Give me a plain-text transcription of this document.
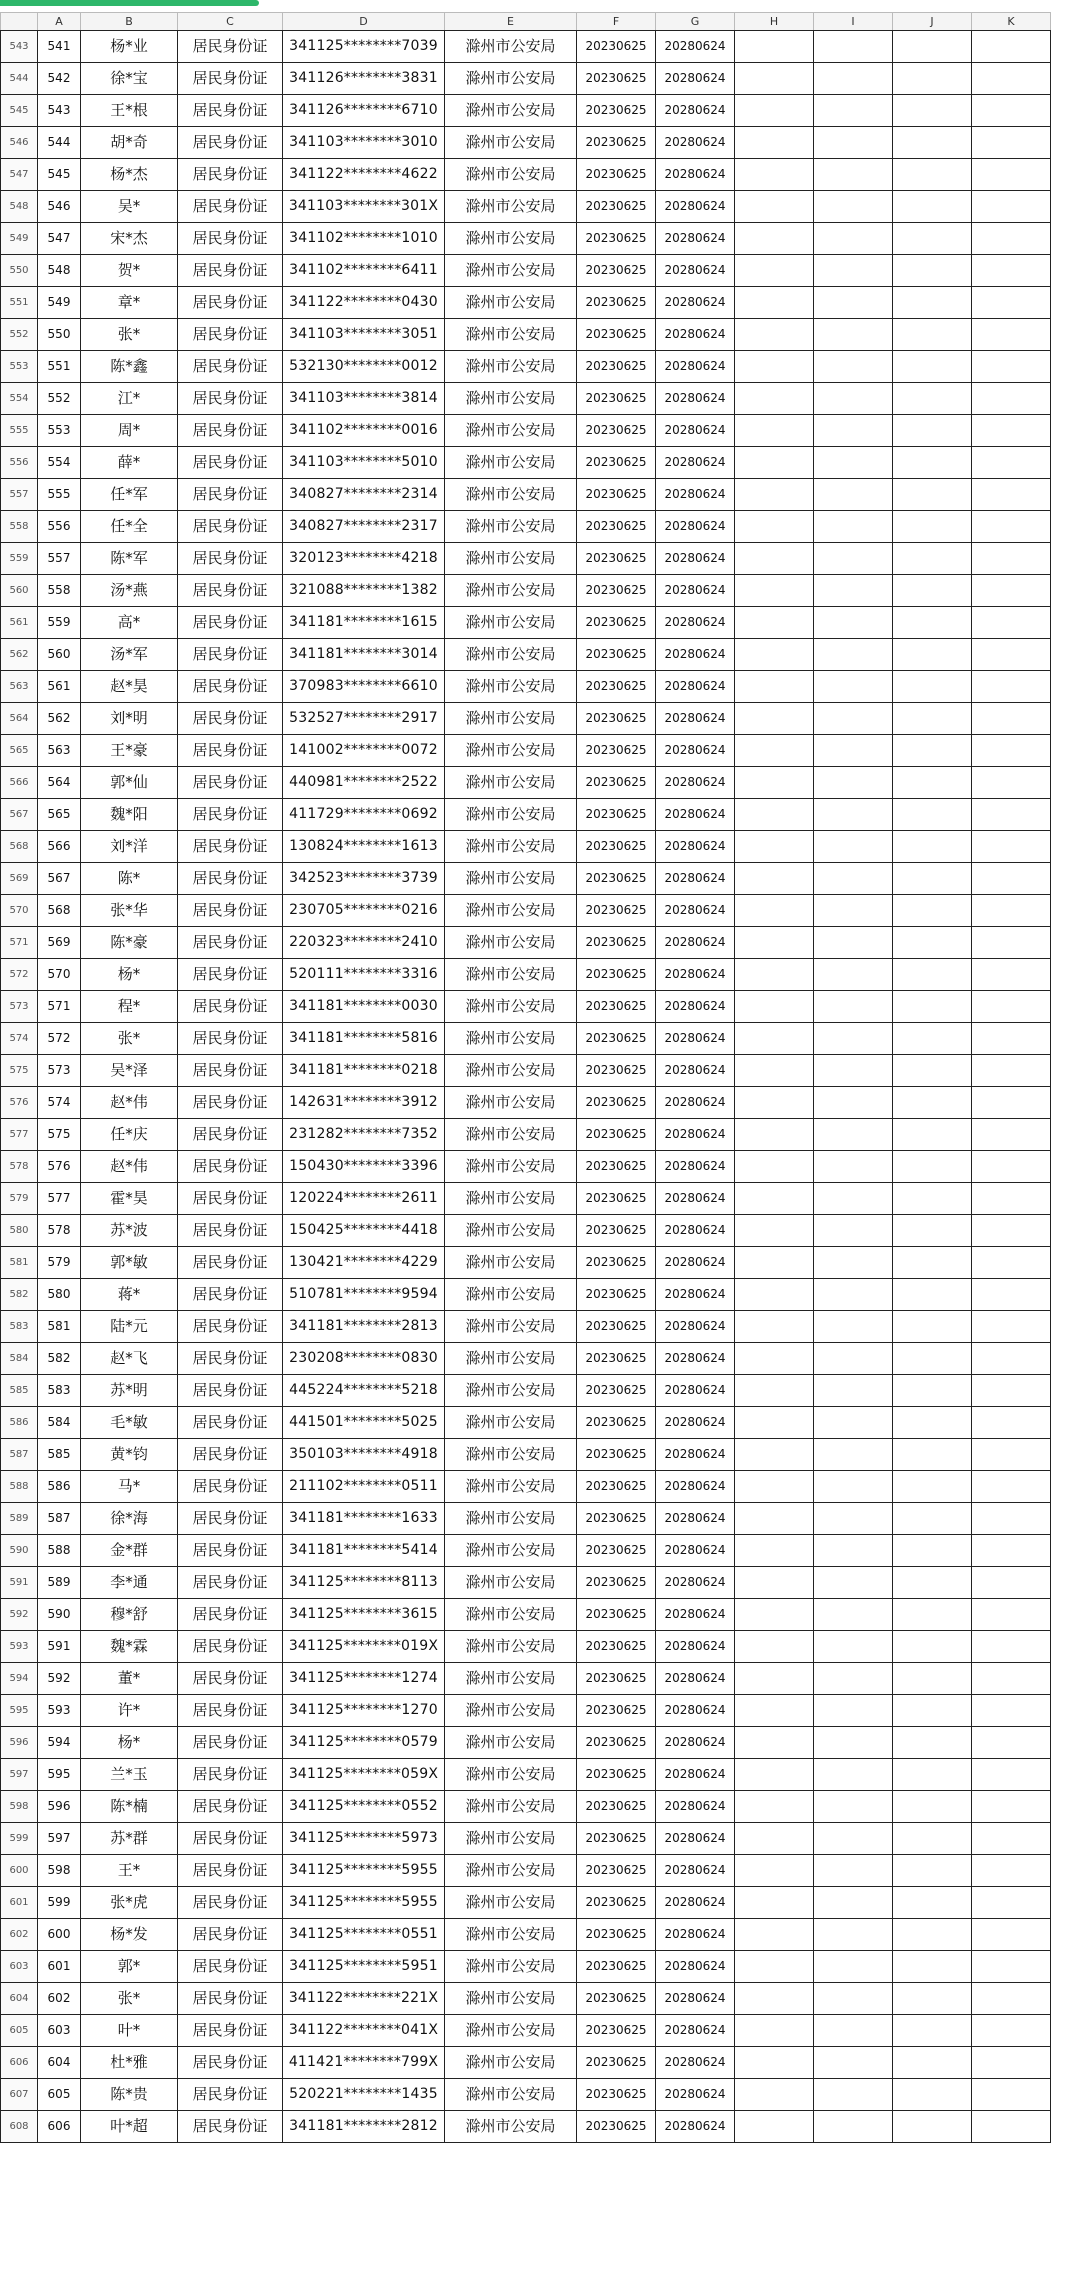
	A	B	C	D	E	F	G	H	I	J	K
543	541	杨*业	居民身份证	341125********7039	滁州市公安局	20230625	20280624				
544	542	徐*宝	居民身份证	341126********3831	滁州市公安局	20230625	20280624				
545	543	王*根	居民身份证	341126********6710	滁州市公安局	20230625	20280624				
546	544	胡*奇	居民身份证	341103********3010	滁州市公安局	20230625	20280624				
547	545	杨*杰	居民身份证	341122********4622	滁州市公安局	20230625	20280624				
548	546	吴*	居民身份证	341103********301X	滁州市公安局	20230625	20280624				
549	547	宋*杰	居民身份证	341102********1010	滁州市公安局	20230625	20280624				
550	548	贺*	居民身份证	341102********6411	滁州市公安局	20230625	20280624				
551	549	章*	居民身份证	341122********0430	滁州市公安局	20230625	20280624				
552	550	张*	居民身份证	341103********3051	滁州市公安局	20230625	20280624				
553	551	陈*鑫	居民身份证	532130********0012	滁州市公安局	20230625	20280624				
554	552	江*	居民身份证	341103********3814	滁州市公安局	20230625	20280624				
555	553	周*	居民身份证	341102********0016	滁州市公安局	20230625	20280624				
556	554	薛*	居民身份证	341103********5010	滁州市公安局	20230625	20280624				
557	555	任*军	居民身份证	340827********2314	滁州市公安局	20230625	20280624				
558	556	任*全	居民身份证	340827********2317	滁州市公安局	20230625	20280624				
559	557	陈*军	居民身份证	320123********4218	滁州市公安局	20230625	20280624				
560	558	汤*燕	居民身份证	321088********1382	滁州市公安局	20230625	20280624				
561	559	高*	居民身份证	341181********1615	滁州市公安局	20230625	20280624				
562	560	汤*军	居民身份证	341181********3014	滁州市公安局	20230625	20280624				
563	561	赵*昊	居民身份证	370983********6610	滁州市公安局	20230625	20280624				
564	562	刘*明	居民身份证	532527********2917	滁州市公安局	20230625	20280624				
565	563	王*豪	居民身份证	141002********0072	滁州市公安局	20230625	20280624				
566	564	郭*仙	居民身份证	440981********2522	滁州市公安局	20230625	20280624				
567	565	魏*阳	居民身份证	411729********0692	滁州市公安局	20230625	20280624				
568	566	刘*洋	居民身份证	130824********1613	滁州市公安局	20230625	20280624				
569	567	陈*	居民身份证	342523********3739	滁州市公安局	20230625	20280624				
570	568	张*华	居民身份证	230705********0216	滁州市公安局	20230625	20280624				
571	569	陈*豪	居民身份证	220323********2410	滁州市公安局	20230625	20280624				
572	570	杨*	居民身份证	520111********3316	滁州市公安局	20230625	20280624				
573	571	程*	居民身份证	341181********0030	滁州市公安局	20230625	20280624				
574	572	张*	居民身份证	341181********5816	滁州市公安局	20230625	20280624				
575	573	吴*泽	居民身份证	341181********0218	滁州市公安局	20230625	20280624				
576	574	赵*伟	居民身份证	142631********3912	滁州市公安局	20230625	20280624				
577	575	任*庆	居民身份证	231282********7352	滁州市公安局	20230625	20280624				
578	576	赵*伟	居民身份证	150430********3396	滁州市公安局	20230625	20280624				
579	577	霍*昊	居民身份证	120224********2611	滁州市公安局	20230625	20280624				
580	578	苏*波	居民身份证	150425********4418	滁州市公安局	20230625	20280624				
581	579	郭*敏	居民身份证	130421********4229	滁州市公安局	20230625	20280624				
582	580	蒋*	居民身份证	510781********9594	滁州市公安局	20230625	20280624				
583	581	陆*元	居民身份证	341181********2813	滁州市公安局	20230625	20280624				
584	582	赵*飞	居民身份证	230208********0830	滁州市公安局	20230625	20280624				
585	583	苏*明	居民身份证	445224********5218	滁州市公安局	20230625	20280624				
586	584	毛*敏	居民身份证	441501********5025	滁州市公安局	20230625	20280624				
587	585	黄*钧	居民身份证	350103********4918	滁州市公安局	20230625	20280624				
588	586	马*	居民身份证	211102********0511	滁州市公安局	20230625	20280624				
589	587	徐*海	居民身份证	341181********1633	滁州市公安局	20230625	20280624				
590	588	金*群	居民身份证	341181********5414	滁州市公安局	20230625	20280624				
591	589	李*通	居民身份证	341125********8113	滁州市公安局	20230625	20280624				
592	590	穆*舒	居民身份证	341125********3615	滁州市公安局	20230625	20280624				
593	591	魏*霖	居民身份证	341125********019X	滁州市公安局	20230625	20280624				
594	592	董*	居民身份证	341125********1274	滁州市公安局	20230625	20280624				
595	593	许*	居民身份证	341125********1270	滁州市公安局	20230625	20280624				
596	594	杨*	居民身份证	341125********0579	滁州市公安局	20230625	20280624				
597	595	兰*玉	居民身份证	341125********059X	滁州市公安局	20230625	20280624				
598	596	陈*楠	居民身份证	341125********0552	滁州市公安局	20230625	20280624				
599	597	苏*群	居民身份证	341125********5973	滁州市公安局	20230625	20280624				
600	598	王*	居民身份证	341125********5955	滁州市公安局	20230625	20280624				
601	599	张*虎	居民身份证	341125********5955	滁州市公安局	20230625	20280624				
602	600	杨*发	居民身份证	341125********0551	滁州市公安局	20230625	20280624				
603	601	郭*	居民身份证	341125********5951	滁州市公安局	20230625	20280624				
604	602	张*	居民身份证	341122********221X	滁州市公安局	20230625	20280624				
605	603	叶*	居民身份证	341122********041X	滁州市公安局	20230625	20280624				
606	604	杜*雅	居民身份证	411421********799X	滁州市公安局	20230625	20280624				
607	605	陈*贵	居民身份证	520221********1435	滁州市公安局	20230625	20280624				
608	606	叶*超	居民身份证	341181********2812	滁州市公安局	20230625	20280624				
